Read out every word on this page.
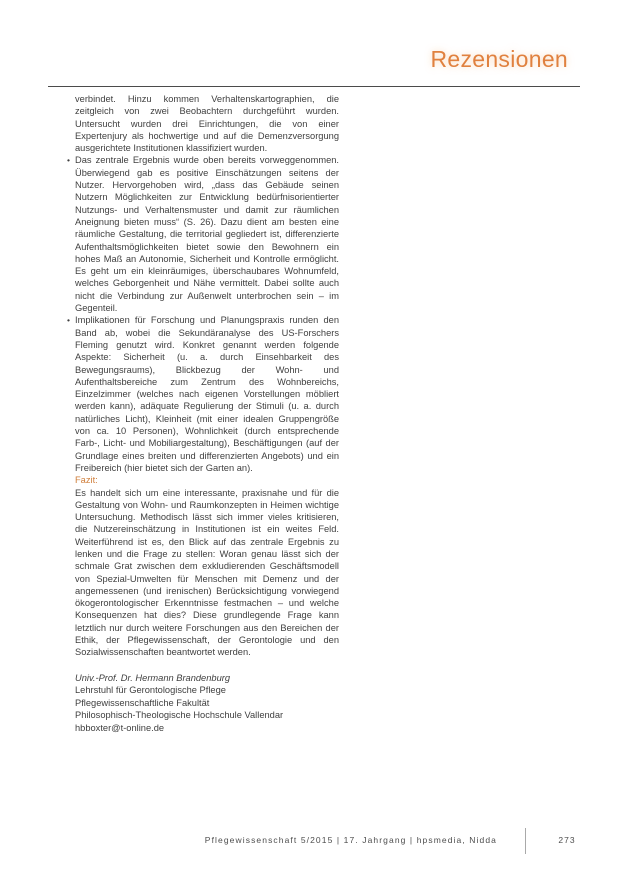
Rezensionen

verbindet. Hinzu kommen Verhaltenskartographien, die zeitgleich von zwei Beobachtern durchgeführt wurden. Untersucht wurden drei Einrichtungen, die von einer Expertenjury als hochwertige und auf die Demenzversorgung ausgerichtete Institutionen klassifiziert wurden.

• Das zentrale Ergebnis wurde oben bereits vorweggenommen. Überwiegend gab es positive Einschätzungen seitens der Nutzer. Hervorgehoben wird, „dass das Gebäude seinen Nutzern Möglichkeiten zur Entwicklung bedürfnisorientierter Nutzungs- und Verhaltensmuster und damit zur räumlichen Aneignung bieten muss“ (S. 26). Dazu dient am besten eine räumliche Gestaltung, die territorial gegliedert ist, differenzierte Aufenthaltsmöglichkeiten bietet sowie den Bewohnern ein hohes Maß an Autonomie, Sicherheit und Kontrolle ermöglicht. Es geht um ein kleinräumiges, überschaubares Wohnumfeld, welches Geborgenheit und Nähe vermittelt. Dabei sollte auch nicht die Verbindung zur Außenwelt unterbrochen sein – im Gegenteil.

• Implikationen für Forschung und Planungspraxis runden den Band ab, wobei die Sekundäranalyse des US-Forschers Fleming genutzt wird. Konkret genannt werden folgende Aspekte: Sicherheit (u. a. durch Einsehbarkeit des Bewegungsraums), Blickbezug der Wohn- und Aufenthaltsbereiche zum Zentrum des Wohnbereichs, Einzelzimmer (welches nach eigenen Vorstellungen möbliert werden kann), adäquate Regulierung der Stimuli (u. a. durch natürliches Licht), Kleinheit (mit einer idealen Gruppengröße von ca. 10 Personen), Wohnlichkeit (durch entsprechende Farb-, Licht- und Mobiliargestaltung), Beschäftigungen (auf der Grundlage eines breiten und differenzierten Angebots) und ein Freibereich (hier bietet sich der Garten an).

Fazit:

Es handelt sich um eine interessante, praxisnahe und für die Gestaltung von Wohn- und Raumkonzepten in Heimen wichtige Untersuchung. Methodisch lässt sich immer vieles kritisieren, die Nutzereinschätzung in Institutionen ist ein weites Feld. Weiterführend ist es, den Blick auf das zentrale Ergebnis zu lenken und die Frage zu stellen: Woran genau lässt sich der schmale Grat zwischen dem exkludierenden Geschäftsmodell von Spezial-Umwelten für Menschen mit Demenz und der angemessenen (und irenischen) Berücksichtigung vorwiegend ökogerontologischer Erkenntnisse festmachen – und welche Konsequenzen hat dies? Diese grundlegende Frage kann letztlich nur durch weitere Forschungen aus den Bereichen der Ethik, der Pflegewissenschaft, der Gerontologie und den Sozialwissenschaften beantwortet werden.

Univ.-Prof. Dr. Hermann Brandenburg
Lehrstuhl für Gerontologische Pflege
Pflegewissenschaftliche Fakultät
Philosophisch-Theologische Hochschule Vallendar
hbboxter@t-online.de
Pflegewissenschaft 5/2015 | 17. Jahrgang | hpsmedia, Nidda	273
